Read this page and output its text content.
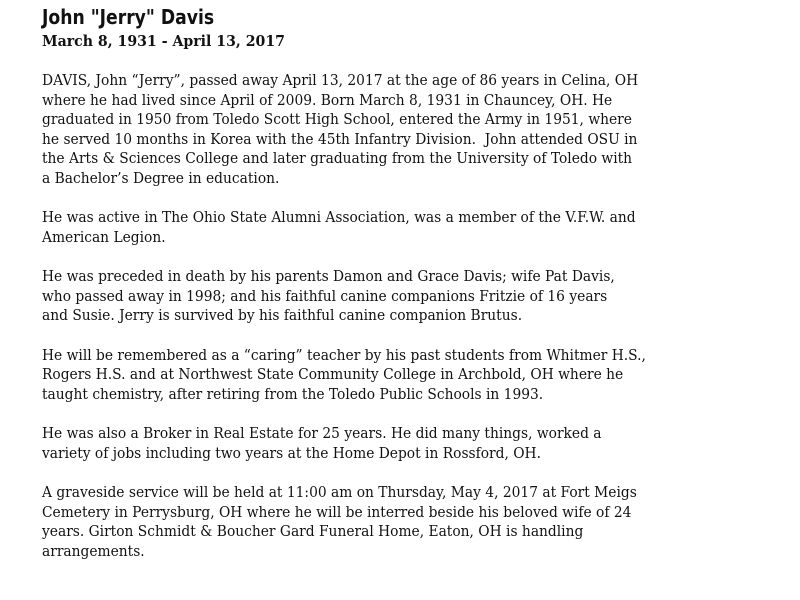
John "Jerry" Davis
March 8, 1931 - April 13, 2017

DAVIS, John “Jerry”, passed away April 13, 2017 at the age of 86 years in Celina, OH
where he had lived since April of 2009. Born March 8, 1931 in Chauncey, OH. He
graduated in 1950 from Toledo Scott High School, entered the Army in 1951, where
he served 10 months in Korea with the 45th Infantry Division.  John attended OSU in
the Arts & Sciences College and later graduating from the University of Toledo with
a Bachelor’s Degree in education.

He was active in The Ohio State Alumni Association, was a member of the V.F.W. and
American Legion.

He was preceded in death by his parents Damon and Grace Davis; wife Pat Davis,
who passed away in 1998; and his faithful canine companions Fritzie of 16 years
and Susie. Jerry is survived by his faithful canine companion Brutus.

He will be remembered as a “caring” teacher by his past students from Whitmer H.S.,
Rogers H.S. and at Northwest State Community College in Archbold, OH where he
taught chemistry, after retiring from the Toledo Public Schools in 1993.

He was also a Broker in Real Estate for 25 years. He did many things, worked a
variety of jobs including two years at the Home Depot in Rossford, OH.

A graveside service will be held at 11:00 am on Thursday, May 4, 2017 at Fort Meigs
Cemetery in Perrysburg, OH where he will be interred beside his beloved wife of 24
years. Girton Schmidt & Boucher Gard Funeral Home, Eaton, OH is handling
arrangements.
